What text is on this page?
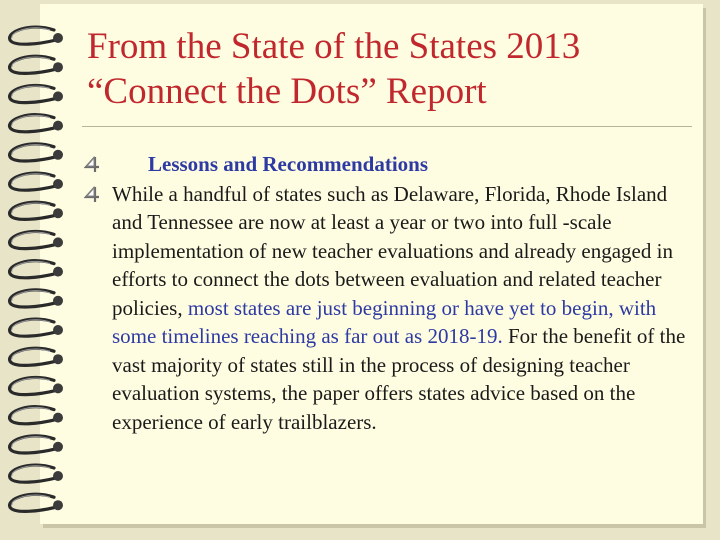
From the State of the States 2013
“Connect the Dots” Report
Lessons and Recommendations
While a handful of states such as Delaware, Florida, Rhode Island and Tennessee are now at least a year or two into full -scale implementation of new teacher evaluations and already engaged in efforts to connect the dots between evaluation and related teacher policies, most states are just beginning or have yet to begin, with some timelines reaching as far out as 2018-19. For the benefit of the vast majority of states still in the process of designing teacher evaluation systems, the paper offers states advice based on the experience of early trailblazers.
